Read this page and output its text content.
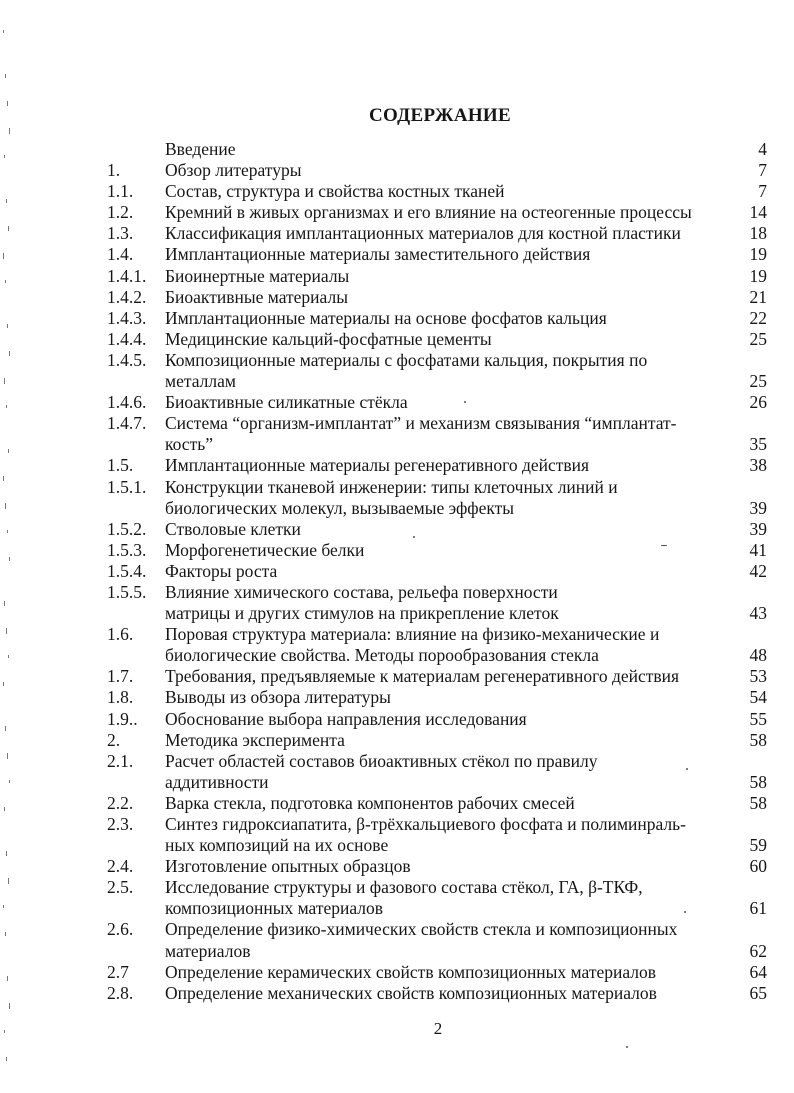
СОДЕРЖАНИЕ
Введение	4
1.	Обзор литературы	7
1.1. Состав, структура и свойства костных тканей	7
1.2. Кремний в живых организмах и его влияние на остеогенные процессы	14
1.3. Классификация имплантационных материалов для костной пластики	18
1.4. Имплантационные материалы заместительного действия	19
1.4.1. Биоинертные материалы	19
1.4.2. Биоактивные материалы	21
1.4.3. Имплантационные материалы на основе фосфатов кальция	22
1.4.4. Медицинские кальций-фосфатные цементы	25
1.4.5. Композиционные материалы с фосфатами кальция, покрытия по
металлам	25
1.4.6. Биоактивные силикатные стёкла	26
1.4.7. Система “организм-имплантат” и механизм связывания “имплантат-
кость”	35
1.5. Имплантационные материалы регенеративного действия	38
1.5.1. Конструкции тканевой инженерии: типы клеточных линий и
биологических молекул, вызываемые эффекты	39
1.5.2. Стволовые клетки	39
1.5.3. Морфогенетические белки	41
1.5.4. Факторы роста	42
1.5.5. Влияние химического состава, рельефа поверхности
матрицы и других стимулов на прикрепление клеток	43
1.6. Поровая структура материала: влияние на физико-механические и
биологические свойства. Методы порообразования стекла	48
1.7. Требования, предъявляемые к материалам регенеративного действия	53
1.8. Выводы из обзора литературы	54
1.9.. Обоснование выбора направления исследования	55
2.	Методика эксперимента	58
2.1. Расчет областей составов биоактивных стёкол по правилу
аддитивности	58
2.2. Варка стекла, подготовка компонентов рабочих смесей	58
2.3. Синтез гидроксиапатита, β-трёхкальциевого фосфата и полиминраль-
ных композиций на их основе	59
2.4. Изготовление опытных образцов	60
2.5. Исследование структуры и фазового состава стёкол, ГА, β-ТКФ,
композиционных материалов	61
2.6. Определение физико-химических свойств стекла и композиционных
материалов	62
2.7 Определение керамических свойств композиционных материалов	64
2.8. Определение механических свойств композиционных материалов	65
2
